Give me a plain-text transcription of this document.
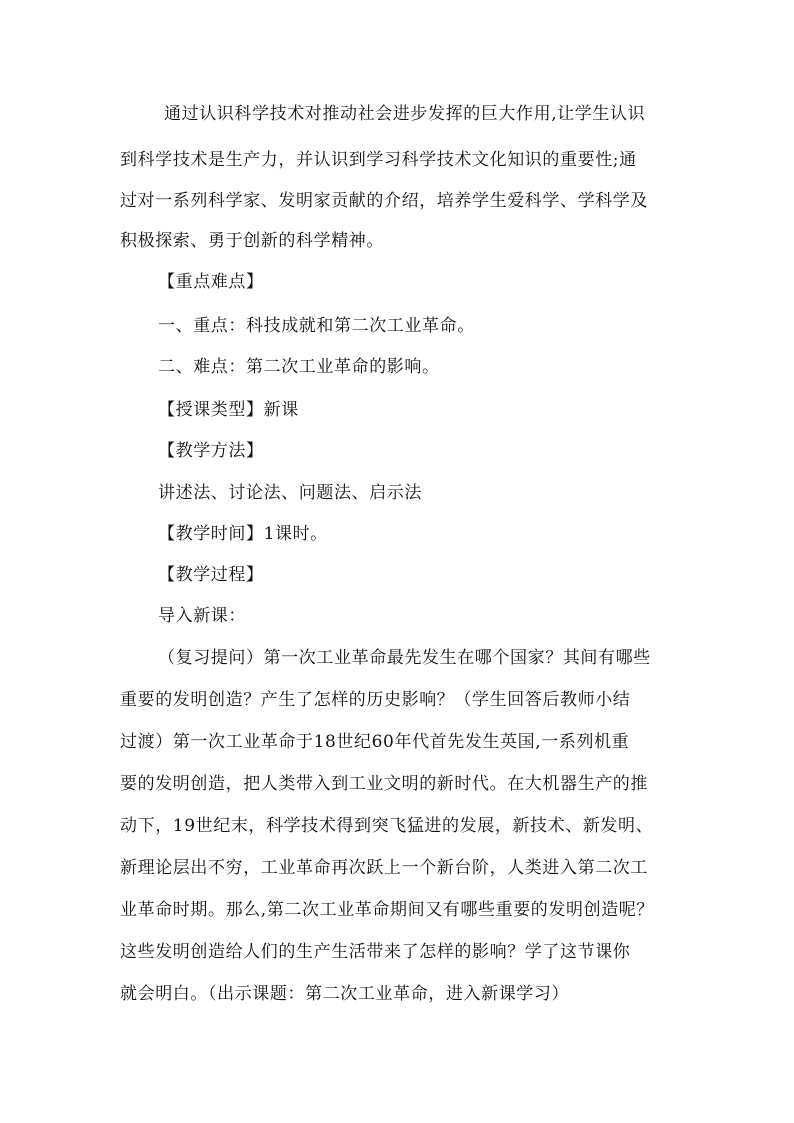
通过认识科学技术对推动社会进步发挥的巨大作用,让学生认识
到科学技术是生产力，并认识到学习科学技术文化知识的重要性;通
过对一系列科学家、发明家贡献的介绍，培养学生爱科学、学科学及
积极探索、勇于创新的科学精神。
【重点难点】
一、重点：科技成就和第二次工业革命。
二、难点：第二次工业革命的影响。
【授课类型】新课
【教学方法】
讲述法、讨论法、问题法、启示法
【教学时间】1课时。
【教学过程】
导入新课：
（复习提问）第一次工业革命最先发生在哪个国家？其间有哪些
重要的发明创造？产生了怎样的历史影响？（学生回答后教师小结
过渡）第一次工业革命于18世纪60年代首先发生英国,一系列机重
要的发明创造，把人类带入到工业文明的新时代。在大机器生产的推
动下，19世纪末，科学技术得到突飞猛进的发展，新技术、新发明、
新理论层出不穷，工业革命再次跃上一个新台阶，人类进入第二次工
业革命时期。那么,第二次工业革命期间又有哪些重要的发明创造呢？
这些发明创造给人们的生产生活带来了怎样的影响？学了这节课你
就会明白。（出示课题：第二次工业革命，进入新课学习）
